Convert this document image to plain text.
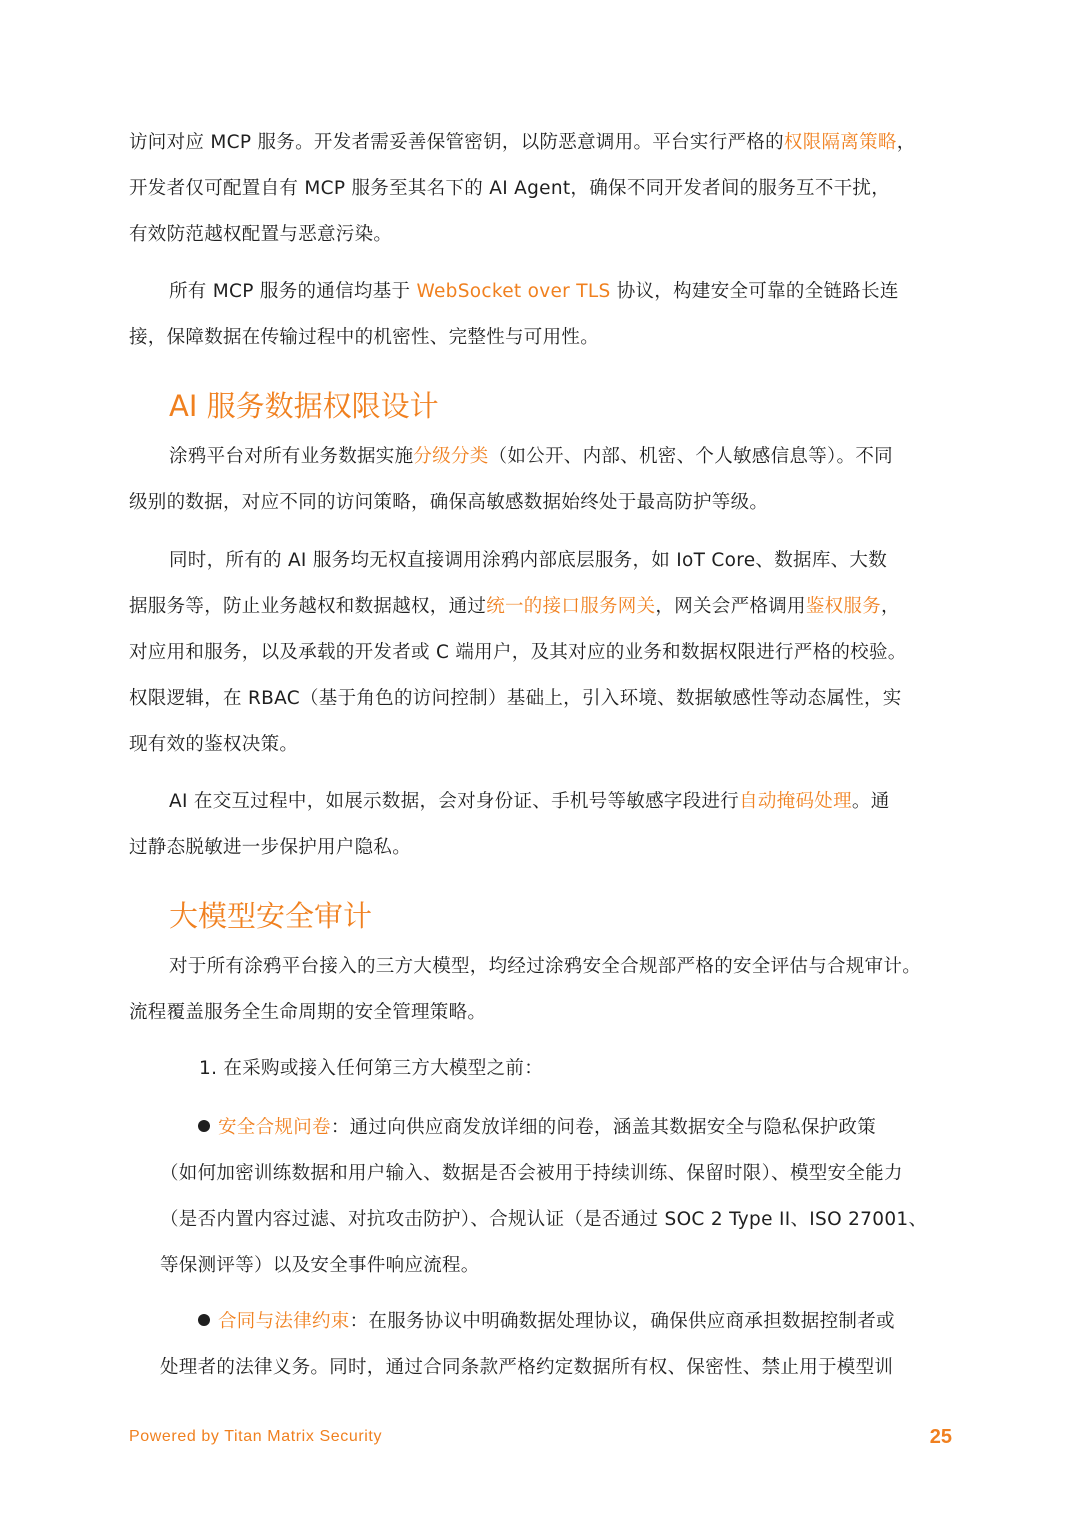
访问对应 MCP 服务。开发者需妥善保管密钥，以防恶意调用。平台实行严格的权限隔离策略，
开发者仅可配置自有 MCP 服务至其名下的 AI Agent，确保不同开发者间的服务互不干扰，
有效防范越权配置与恶意污染。

所有 MCP 服务的通信均基于 WebSocket over TLS 协议，构建安全可靠的全链路长连
接，保障数据在传输过程中的机密性、完整性与可用性。

AI 服务数据权限设计

涂鸦平台对所有业务数据实施分级分类（如公开、内部、机密、个人敏感信息等）。不同
级别的数据，对应不同的访问策略，确保高敏感数据始终处于最高防护等级。

同时，所有的 AI 服务均无权直接调用涂鸦内部底层服务，如 IoT Core、数据库、大数
据服务等，防止业务越权和数据越权，通过统一的接口服务网关，网关会严格调用鉴权服务，
对应用和服务，以及承载的开发者或 C 端用户，及其对应的业务和数据权限进行严格的校验。
权限逻辑，在 RBAC（基于角色的访问控制）基础上，引入环境、数据敏感性等动态属性，实
现有效的鉴权决策。

AI 在交互过程中，如展示数据，会对身份证、手机号等敏感字段进行自动掩码处理。通
过静态脱敏进一步保护用户隐私。

大模型安全审计

对于所有涂鸦平台接入的三方大模型，均经过涂鸦安全合规部严格的安全评估与合规审计。
流程覆盖服务全生命周期的安全管理策略。

1. 在采购或接入任何第三方大模型之前：

安全合规问卷：通过向供应商发放详细的问卷，涵盖其数据安全与隐私保护政策
（如何加密训练数据和用户输入、数据是否会被用于持续训练、保留时限）、模型安全能力
（是否内置内容过滤、对抗攻击防护）、合规认证（是否通过 SOC 2 Type II、ISO 27001、
等保测评等）以及安全事件响应流程。

合同与法律约束：在服务协议中明确数据处理协议，确保供应商承担数据控制者或
处理者的法律义务。同时，通过合同条款严格约定数据所有权、保密性、禁止用于模型训

Powered by Titan Matrix Security	25
